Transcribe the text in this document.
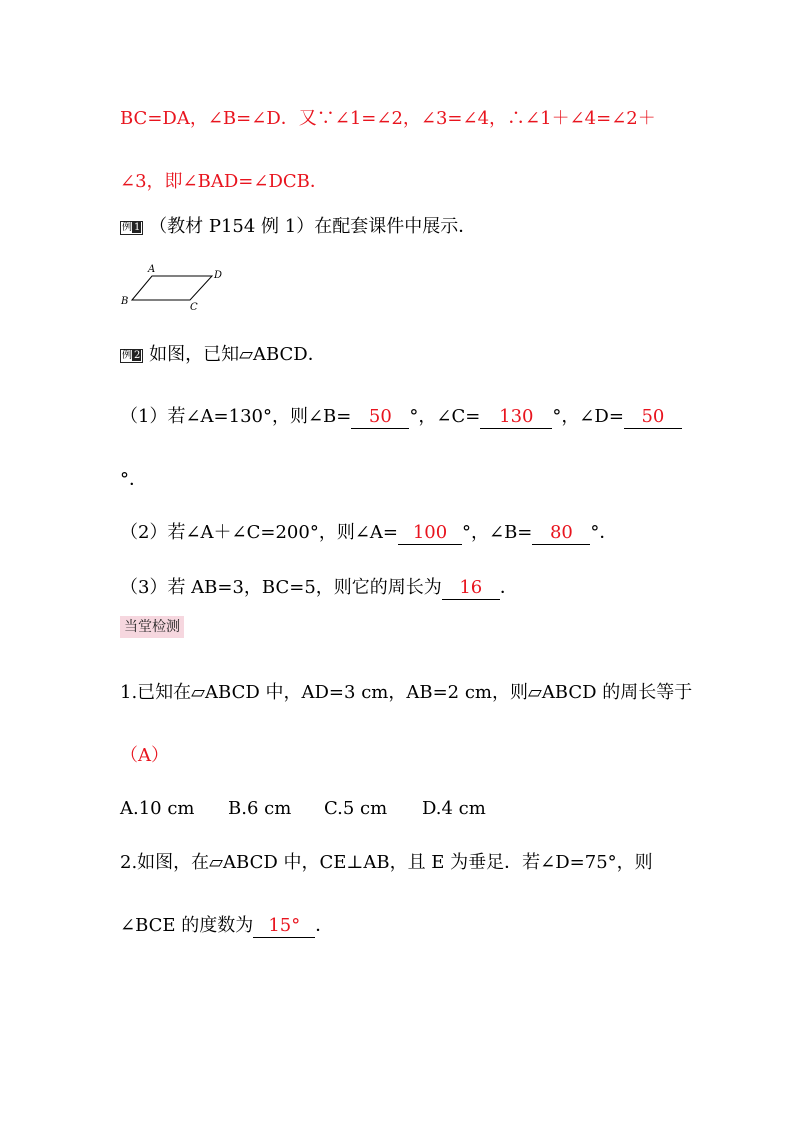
BC=DA，∠B=∠D．又∵∠1=∠2，∠3=∠4，∴∠1＋∠4=∠2＋
∠3，即∠BAD=∠DCB．
例 1 （教材 P154 例 1）在配套课件中展示．
A
D
B
C
例 2 如图，已知▱ABCD．
（1）若∠A=130°，则∠B= 50 °，∠C= 130 °，∠D= 50
°．
（2）若∠A＋∠C=200°，则∠A= 100 °，∠B= 80 °．
（3）若 AB=3，BC=5，则它的周长为 16 ．
当堂检测
1.已知在▱ABCD 中，AD=3 cm，AB=2 cm，则▱ABCD 的周长等于
（A）
A.10 cm B.6 cm C.5 cm D.4 cm
2.如图，在▱ABCD 中，CE⊥AB，且 E 为垂足．若∠D=75°，则
∠BCE 的度数为 15° ．
